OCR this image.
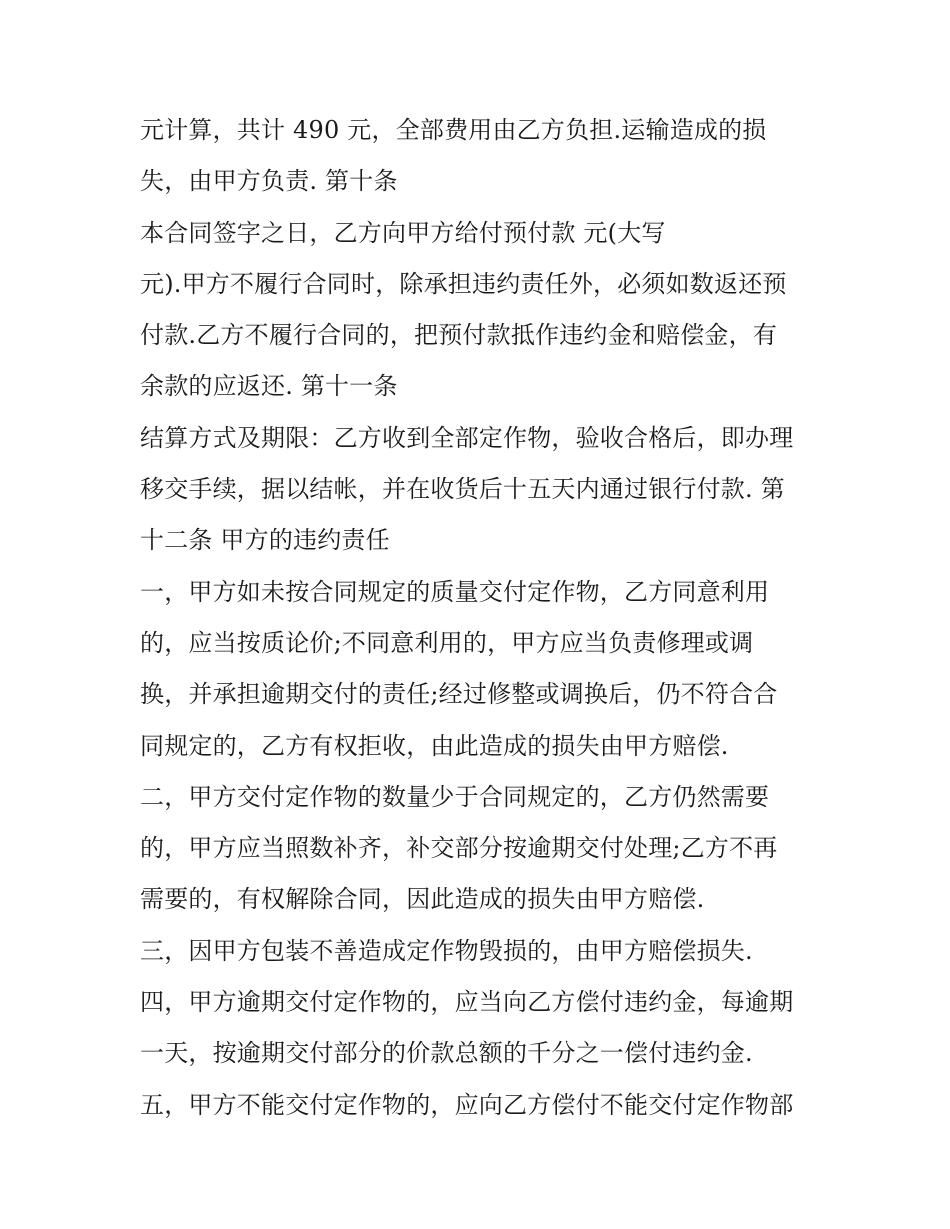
元计算，共计 490 元，全部费用由乙方负担.运输造成的损
失，由甲方负责. 第十条
本合同签字之日，乙方向甲方给付预付款 元(大写
元).甲方不履行合同时，除承担违约责任外，必须如数返还预
付款.乙方不履行合同的，把预付款抵作违约金和赔偿金，有
余款的应返还. 第十一条
结算方式及期限：乙方收到全部定作物，验收合格后，即办理
移交手续，据以结帐，并在收货后十五天内通过银行付款. 第
十二条 甲方的违约责任
一，甲方如未按合同规定的质量交付定作物，乙方同意利用
的，应当按质论价;不同意利用的，甲方应当负责修理或调
换，并承担逾期交付的责任;经过修整或调换后，仍不符合合
同规定的，乙方有权拒收，由此造成的损失由甲方赔偿.
二，甲方交付定作物的数量少于合同规定的，乙方仍然需要
的，甲方应当照数补齐，补交部分按逾期交付处理;乙方不再
需要的，有权解除合同，因此造成的损失由甲方赔偿.
三，因甲方包装不善造成定作物毁损的，由甲方赔偿损失.
四，甲方逾期交付定作物的，应当向乙方偿付违约金，每逾期
一天，按逾期交付部分的价款总额的千分之一偿付违约金.
五，甲方不能交付定作物的，应向乙方偿付不能交付定作物部
